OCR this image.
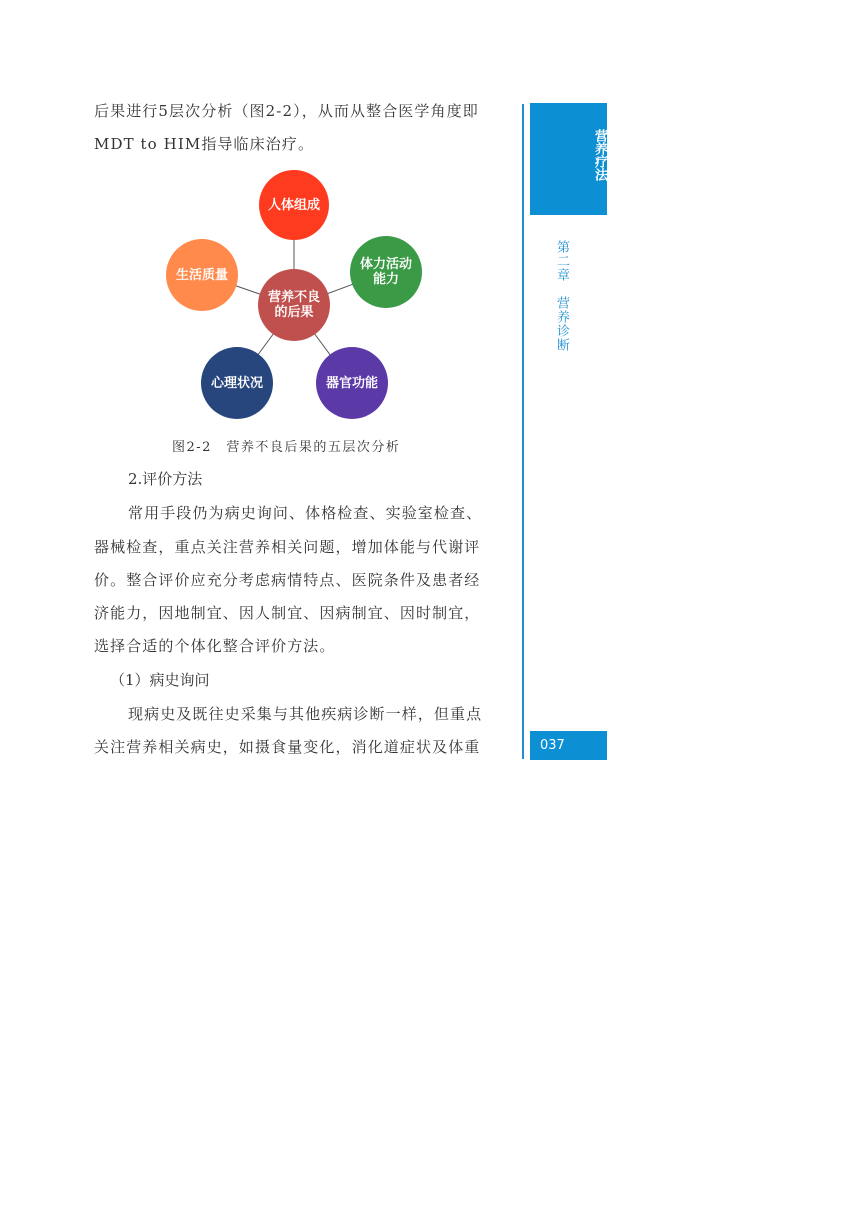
后果进行5层次分析（图2-2），从而从整合医学角度即
MDT to HIM指导临床治疗。
营养不良的后果
人体组成
体力活动能力
器官功能
心理状况
生活质量
图2-2　营养不良后果的五层次分析
2.评价方法
常用手段仍为病史询问、体格检查、实验室检查、
器械检查，重点关注营养相关问题，增加体能与代谢评
价。整合评价应充分考虑病情特点、医院条件及患者经
济能力，因地制宜、因人制宜、因病制宜、因时制宜，
选择合适的个体化整合评价方法。
（1）病史询问
现病史及既往史采集与其他疾病诊断一样，但重点
关注营养相关病史，如摄食量变化，消化道症状及体重
营养疗法
第二章　营养诊断
037
